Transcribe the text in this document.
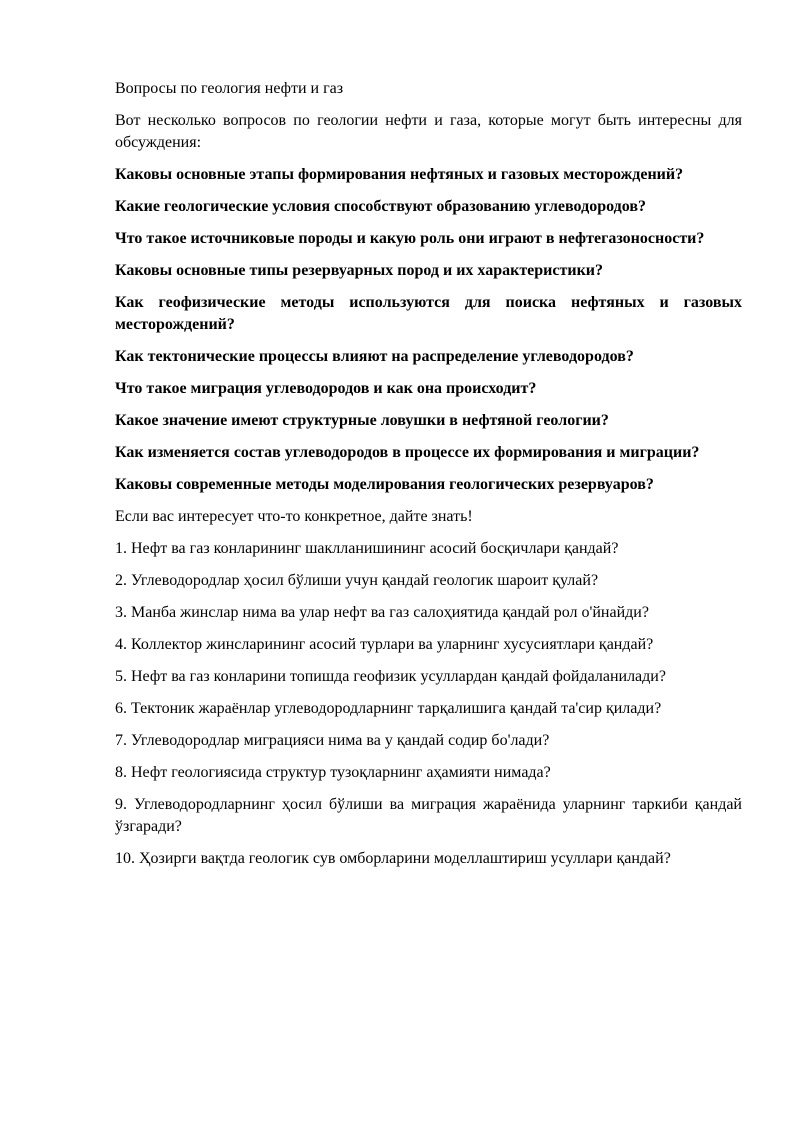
Вопросы по геология нефти и газ

Вот несколько вопросов по геологии нефти и газа, которые могут быть интересны для обсуждения:

Каковы основные этапы формирования нефтяных и газовых месторождений?

Какие геологические условия способствуют образованию углеводородов?

Что такое источниковые породы и какую роль они играют в нефтегазоносности?

Каковы основные типы резервуарных пород и их характеристики?

Как геофизические методы используются для поиска нефтяных и газовых месторождений?

Как тектонические процессы влияют на распределение углеводородов?

Что такое миграция углеводородов и как она происходит?

Какое значение имеют структурные ловушки в нефтяной геологии?

Как изменяется состав углеводородов в процессе их формирования и миграции?

Каковы современные методы моделирования геологических резервуаров?

Если вас интересует что-то конкретное, дайте знать!

1. Нефт ва газ конларининг шаклланишининг асосий босқичлари қандай?

2. Углеводородлар ҳосил бўлиши учун қандай геологик шароит қулай?

3. Манба жинслар нима ва улар нефт ва газ салоҳиятида қандай рол o'йнайди?

4. Коллектор жинсларининг асосий турлари ва уларнинг хусусиятлари қандай?

5. Нефт ва газ конларини топишда геофизик усуллардан қандай фойдаланилади?

6. Тектоник жараёнлар углеводородларнинг тарқалишига қандай та'сир қилади?

7. Углеводородлар миграцияси нима ва у қандай содир бo'лади?

8. Нефт геологиясида структур тузоқларнинг аҳамияти нимада?

9. Углеводородларнинг ҳосил бўлиши ва миграция жараёнида уларнинг таркиби қандай ўзгаради?

10. Ҳозирги вақтда геологик сув омборларини моделлаштириш усуллари қандай?
